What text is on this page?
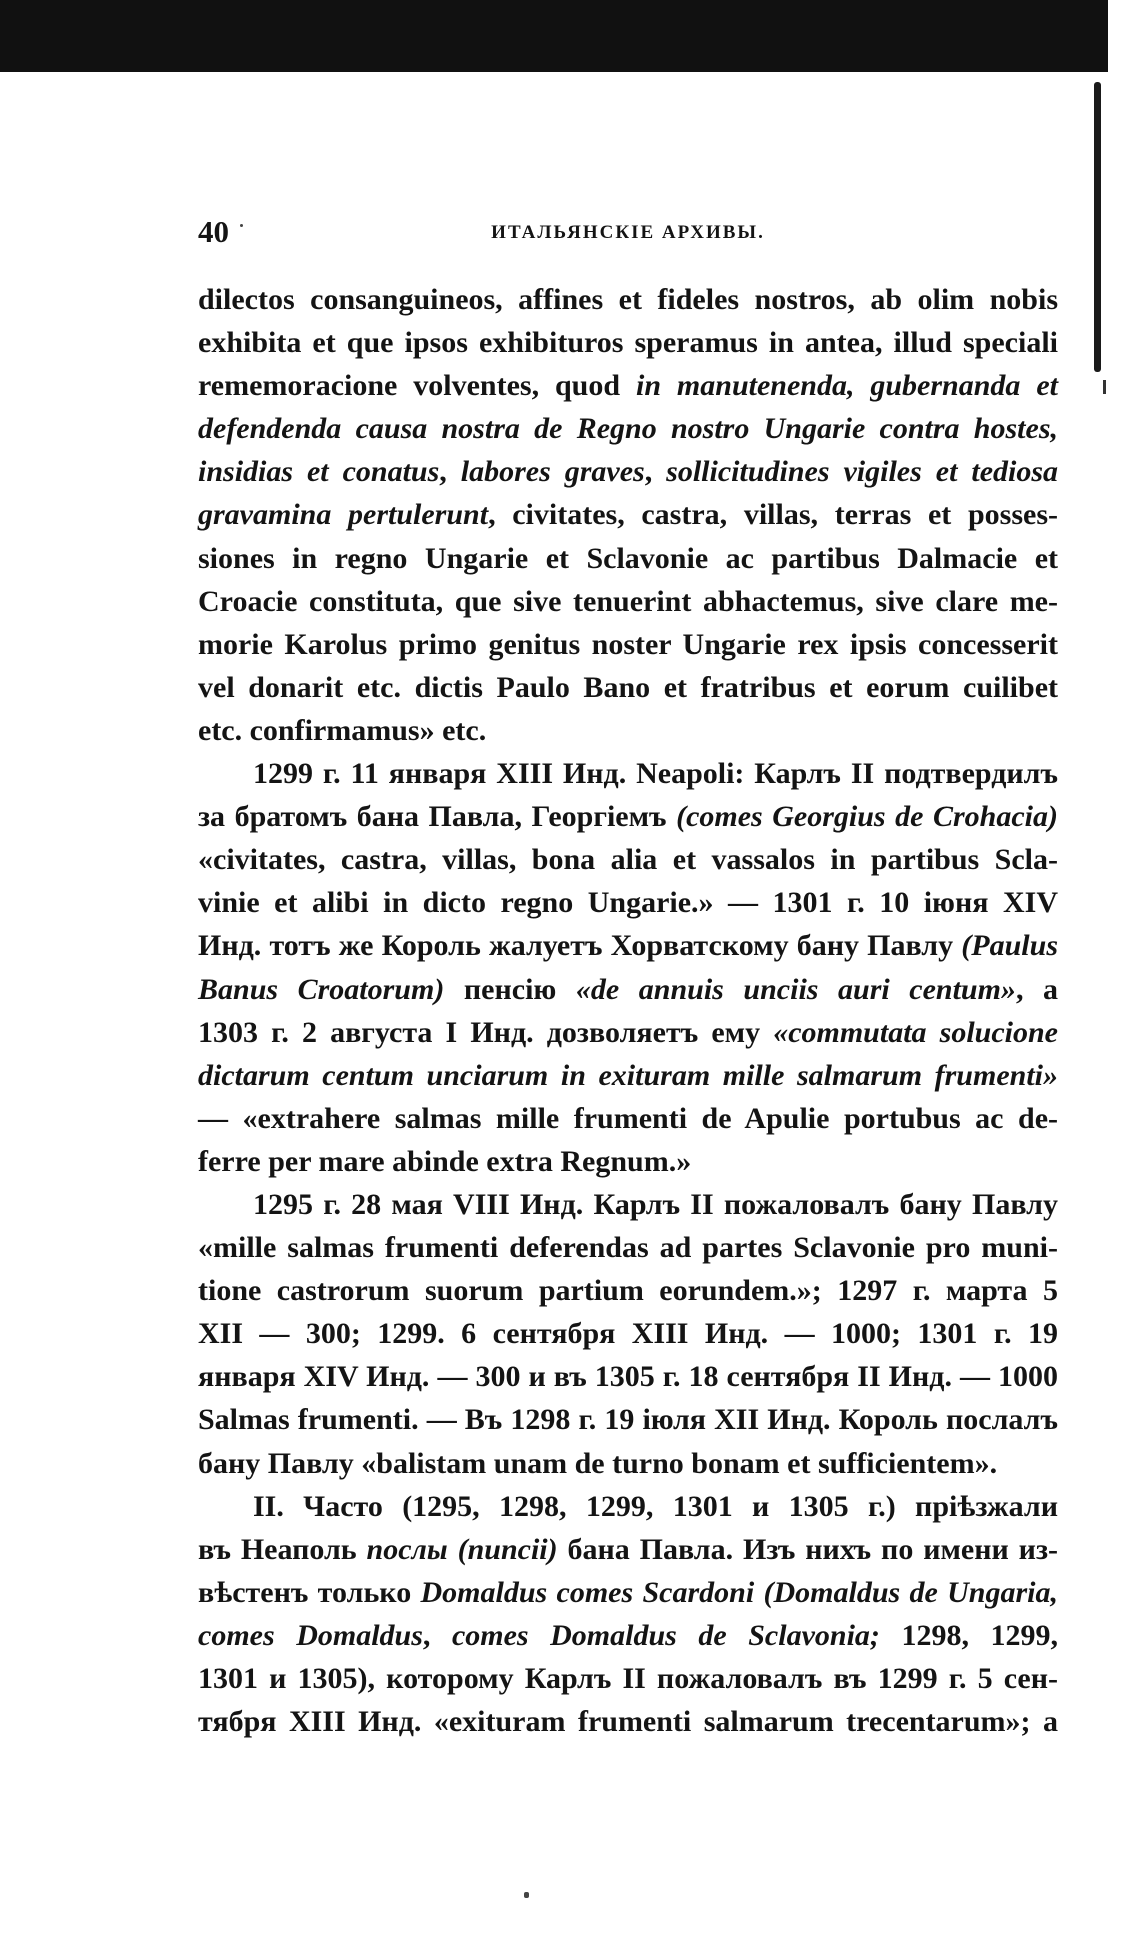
40	ИТАЛЬЯНСКІЕ АРХИВЫ.
dilectos consanguineos, affines et fideles nostros, ab olim nobis
exhibita et que ipsos exhibituros speramus in antea, illud speciali
rememoracione volventes, quod in manutenenda, gubernanda et
defendenda causa nostra de Regno nostro Ungarie contra hostes,
insidias et conatus, labores graves, sollicitudines vigiles et tediosa
gravamina pertulerunt, civitates, castra, villas, terras et posses-
siones in regno Ungarie et Sclavonie ac partibus Dalmacie et
Croacie constituta, que sive tenuerint abhactemus, sive clare me-
morie Karolus primo genitus noster Ungarie rex ipsis concesserit
vel donarit etc. dictis Paulo Bano et fratribus et eorum cuilibet
etc. confirmamus» etc.
1299 г. 11 января XIII Инд. Neapoli: Карлъ II подтвердилъ
за братомъ бана Павла, Георгіемъ (comes Georgius de Crohacia)
«civitates, castra, villas, bona alia et vassalos in partibus Scla-
vinie et alibi in dicto regno Ungarie.» — 1301 г. 10 іюня XIV
Инд. тотъ же Король жалуетъ Хорватскому бану Павлу (Paulus
Banus Croatorum) пенсію «de annuis unciis auri centum», а
1303 г. 2 августа I Инд. дозволяетъ ему «commutata solucione
dictarum centum unciarum in exituram mille salmarum frumenti»
— «extrahere salmas mille frumenti de Apulie portubus ac de-
ferre per mare abinde extra Regnum.»
1295 г. 28 мая VIII Инд. Карлъ II пожаловалъ бану Павлу
«mille salmas frumenti deferendas ad partes Sclavonie pro muni-
tione castrorum suorum partium eorundem.»; 1297 г. марта 5
XII — 300; 1299. 6 сентября XIII Инд. — 1000; 1301 г. 19
января XIV Инд. — 300 и въ 1305 г. 18 сентября II Инд. — 1000
Salmas frumenti. — Въ 1298 г. 19 іюля XII Инд. Король послалъ
бану Павлу «balistam unam de turno bonam et sufficientem».
II. Часто (1295, 1298, 1299, 1301 и 1305 г.) пріѣзжали
въ Неаполь послы (nuncii) бана Павла. Изъ нихъ по имени из-
вѣстенъ только Domaldus comes Scardoni (Domaldus de Ungaria,
comes Domaldus, comes Domaldus de Sclavonia; 1298, 1299,
1301 и 1305), которому Карлъ II пожаловалъ въ 1299 г. 5 сен-
тября XIII Инд. «exituram frumenti salmarum trecentarum»; а
